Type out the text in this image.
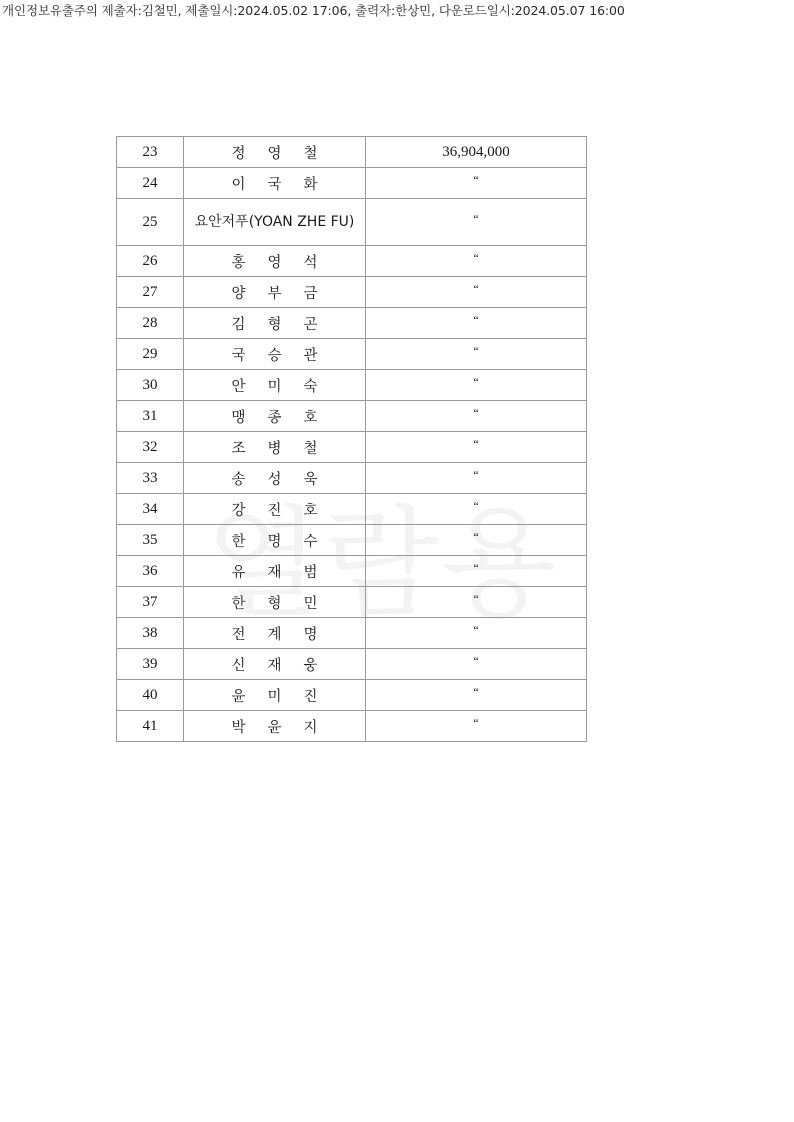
개인정보유출주의 제출자:김철민, 제출일시:2024.05.02 17:06, 출력자:한상민, 다운로드일시:2024.05.07 16:00
23	정영철	36,904,000
24	이국화	“
25	요안저푸(YOAN ZHE FU)	“
26	홍영석	“
27	양부금	“
28	김형곤	“
29	국승관	“
30	안미숙	“
31	맹종호	“
32	조병철	“
33	송성욱	“
34	강진호	“
35	한명수	“
36	유재범	“
37	한형민	“
38	전계명	“
39	신재웅	“
40	윤미진	“
41	박윤지	“
